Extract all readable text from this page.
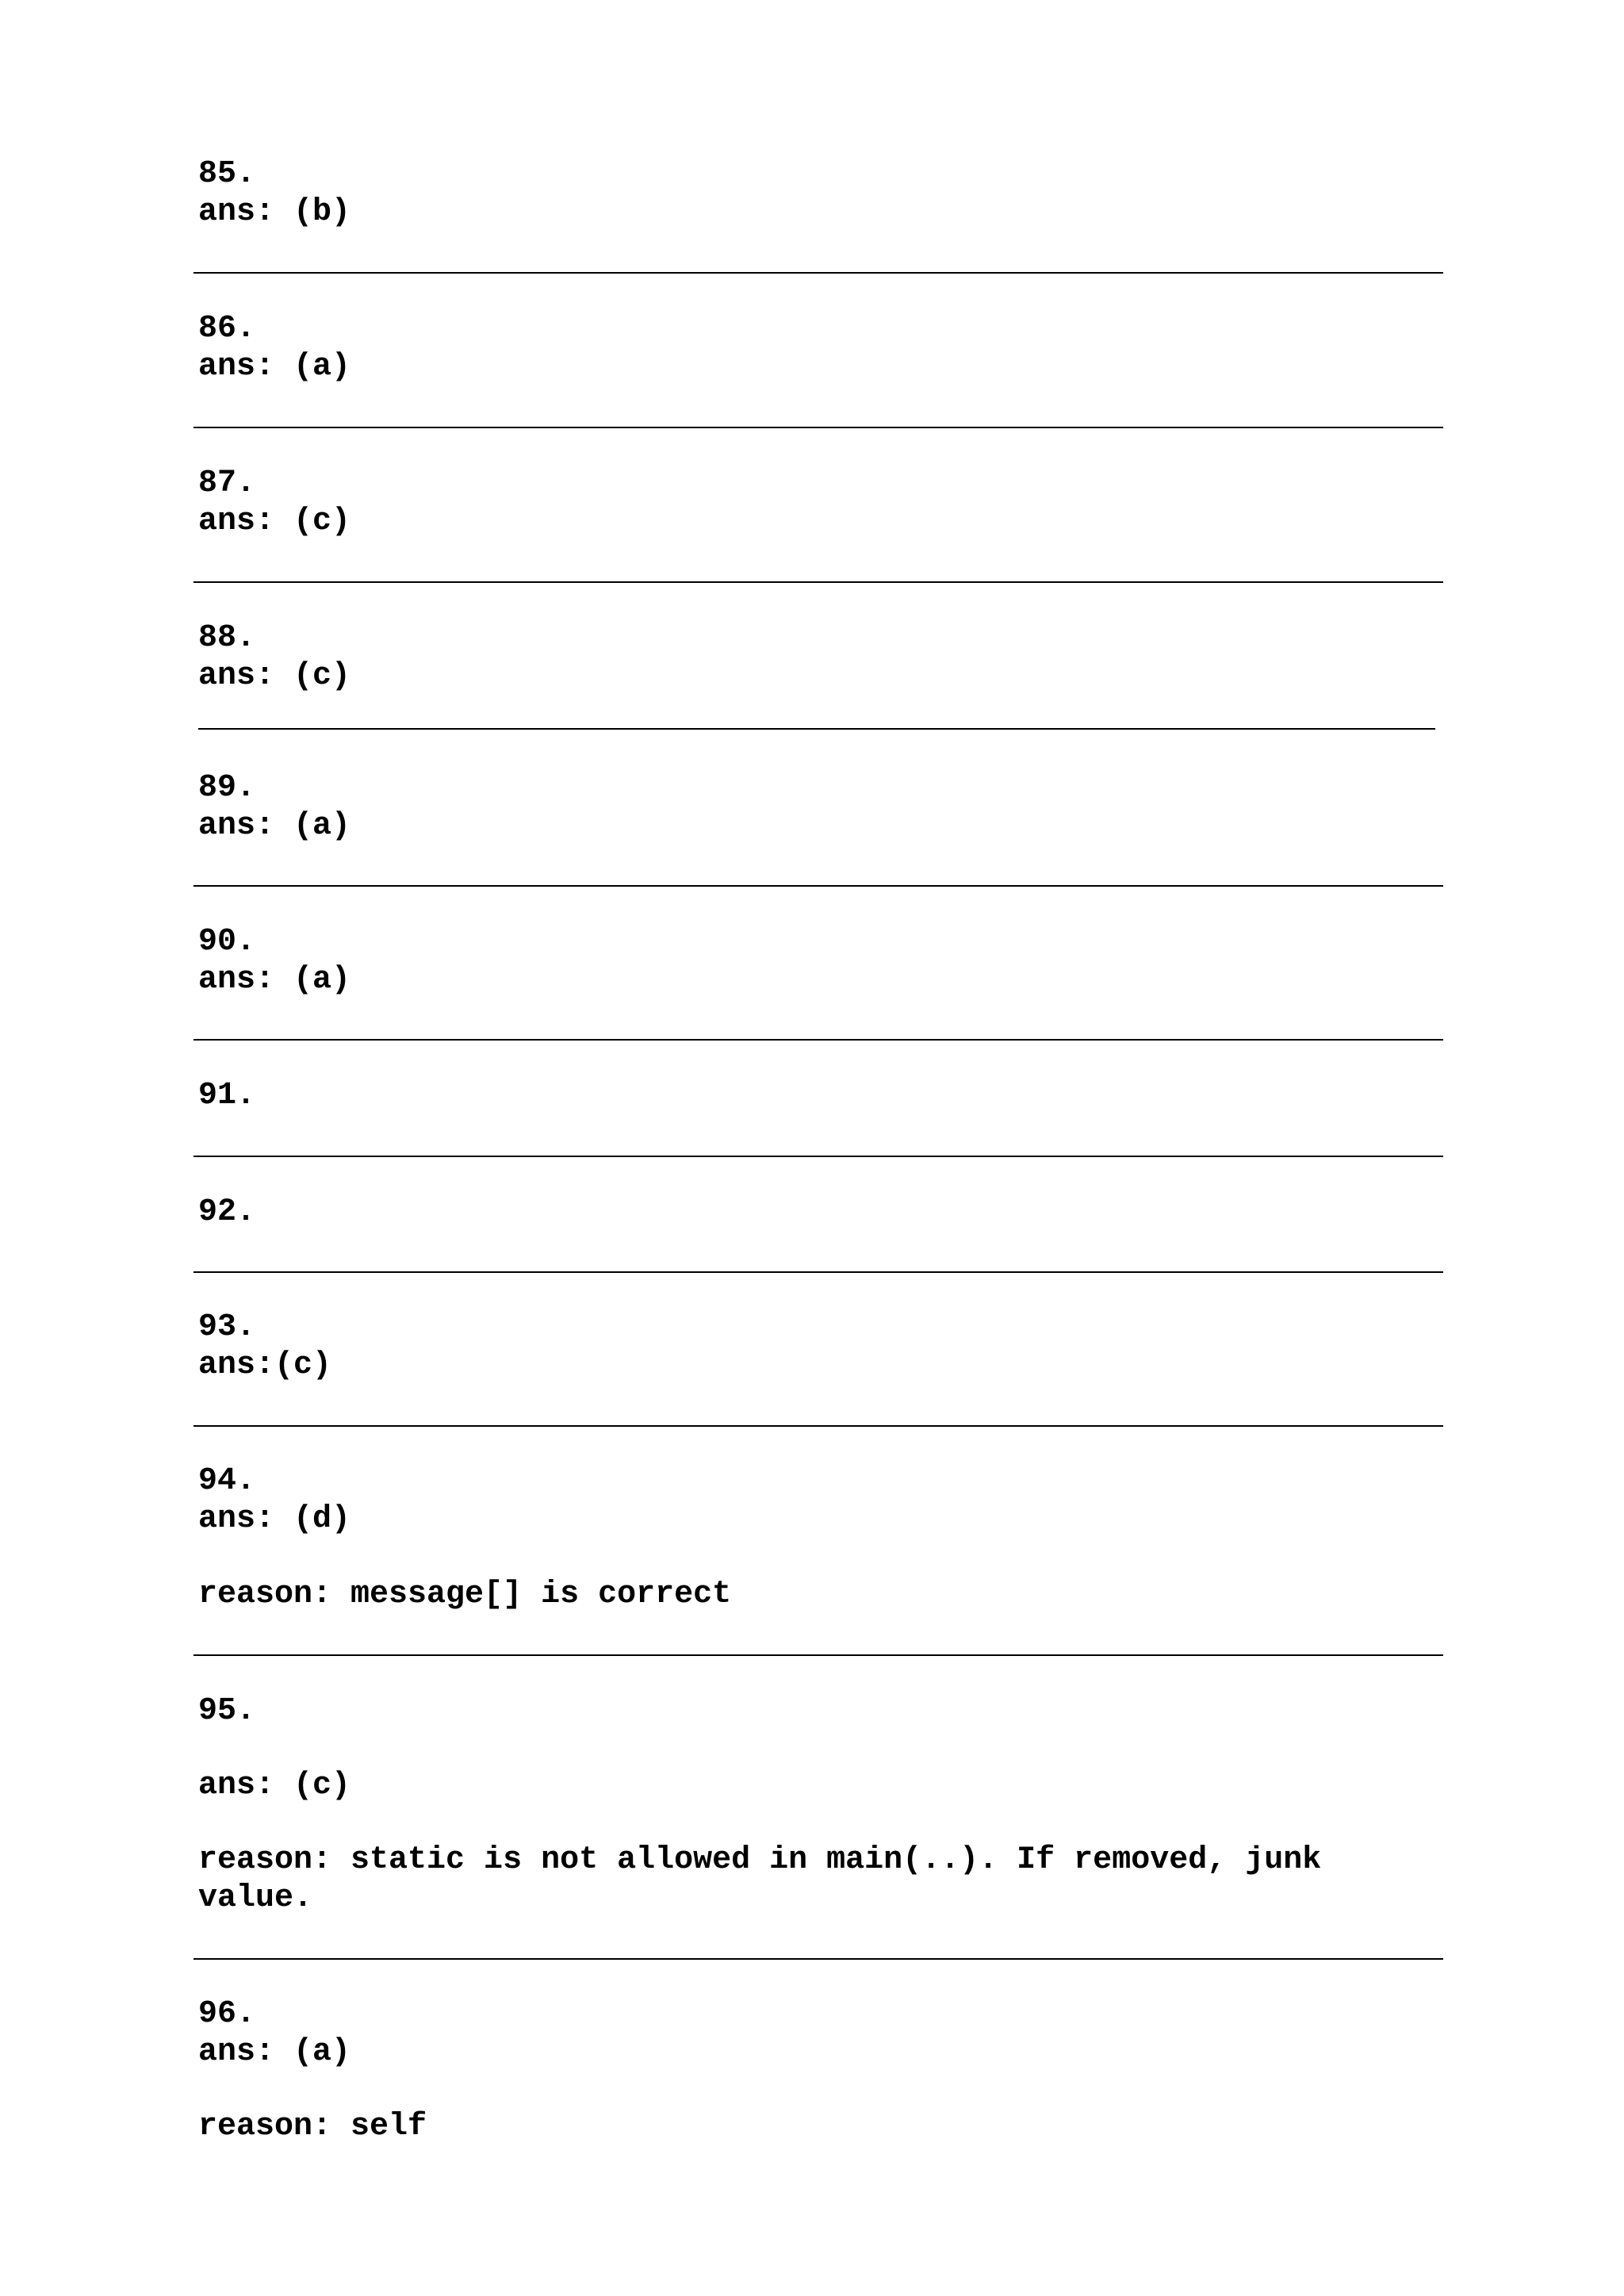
85.
ans: (b)
86.
ans: (a)
87.
ans: (c)
88.
ans: (c)
89.
ans: (a)
90.
ans: (a)
91.
92.
93.
ans:(c)
94.
ans: (d)
reason: message[] is correct
95.
ans: (c)
reason: static is not allowed in main(..). If removed, junk
value.
96.
ans: (a)
reason: self
